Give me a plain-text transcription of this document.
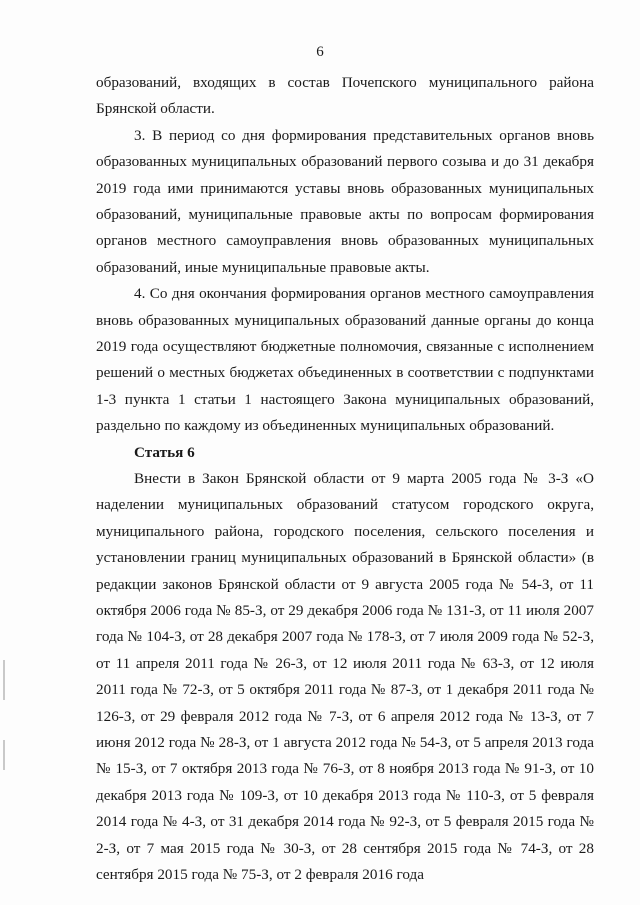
6

образований, входящих в состав Почепского муниципального района Брянской области.

3. В период со дня формирования представительных органов вновь образованных муниципальных образований первого созыва и до 31 декабря 2019 года ими принимаются уставы вновь образованных муниципальных образований, муниципальные правовые акты по вопросам формирования органов местного самоуправления вновь образованных муниципальных образований, иные муниципальные правовые акты.

4. Со дня окончания формирования органов местного самоуправления вновь образованных муниципальных образований данные органы до конца 2019 года осуществляют бюджетные полномочия, связанные с исполнением решений о местных бюджетах объединенных в соответствии с подпунктами 1-3 пункта 1 статьи 1 настоящего Закона муниципальных образований, раздельно по каждому из объединенных муниципальных образований.

Статья 6

Внести в Закон Брянской области от 9 марта 2005 года № 3-З «О наделении муниципальных образований статусом городского округа, муниципального района, городского поселения, сельского поселения и установлении границ муниципальных образований в Брянской области» (в редакции законов Брянской области от 9 августа 2005 года № 54-З, от 11 октября 2006 года № 85-З, от 29 декабря 2006 года № 131-З, от 11 июля 2007 года № 104-З, от 28 декабря 2007 года № 178-З, от 7 июля 2009 года № 52-З, от 11 апреля 2011 года № 26-З, от 12 июля 2011 года № 63-З, от 12 июля 2011 года № 72-З, от 5 октября 2011 года № 87-З, от 1 декабря 2011 года № 126-З, от 29 февраля 2012 года № 7-З, от 6 апреля 2012 года № 13-З, от 7 июня 2012 года № 28-З, от 1 августа 2012 года № 54-З, от 5 апреля 2013 года № 15-З, от 7 октября 2013 года № 76-З, от 8 ноября 2013 года № 91-З, от 10 декабря 2013 года № 109-З, от 10 декабря 2013 года № 110-З, от 5 февраля 2014 года № 4-З, от 31 декабря 2014 года № 92-З, от 5 февраля 2015 года № 2-З, от 7 мая 2015 года № 30-З, от 28 сентября 2015 года № 74-З, от 28 сентября 2015 года № 75-З, от 2 февраля 2016 года
